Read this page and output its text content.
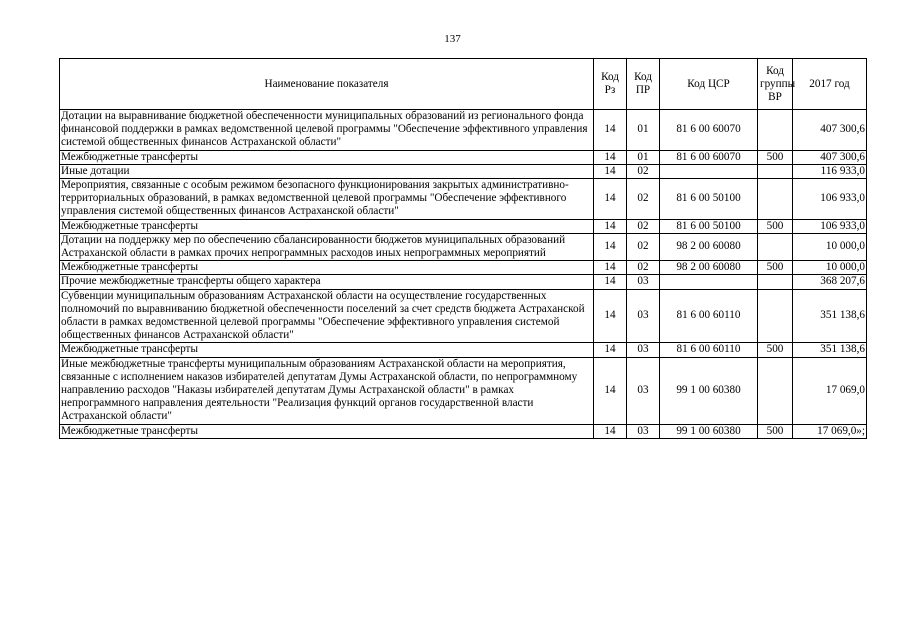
137
Наименование показателя	Код Рз	Код ПР	Код ЦСР	Код группы ВР	2017 год
Дотации на выравнивание бюджетной обеспеченности муниципальных образований из регионального фонда финансовой поддержки в рамках ведомственной целевой программы "Обеспечение эффективного управления системой общественных финансов Астраханской области"	14	01	81 6 00 60070		407 300,6
Межбюджетные трансферты	14	01	81 6 00 60070	500	407 300,6
Иные дотации	14	02			116 933,0
Мероприятия, связанные с особым режимом безопасного функционирования закрытых административно-территориальных образований, в рамках ведомственной целевой программы "Обеспечение эффективного управления системой общественных финансов Астраханской области"	14	02	81 6 00 50100		106 933,0
Межбюджетные трансферты	14	02	81 6 00 50100	500	106 933,0
Дотации на поддержку мер по обеспечению сбалансированности бюджетов муниципальных образований Астраханской области в рамках прочих непрограммных расходов иных непрограммных мероприятий	14	02	98 2 00 60080		10 000,0
Межбюджетные трансферты	14	02	98 2 00 60080	500	10 000,0
Прочие межбюджетные трансферты общего характера	14	03			368 207,6
Субвенции муниципальным образованиям Астраханской области на осуществление государственных полномочий по выравниванию бюджетной обеспеченности поселений за счет средств бюджета Астраханской области в рамках ведомственной целевой программы "Обеспечение эффективного управления системой общественных финансов Астраханской области"	14	03	81 6 00 60110		351 138,6
Межбюджетные трансферты	14	03	81 6 00 60110	500	351 138,6
Иные межбюджетные трансферты муниципальным образованиям Астраханской области на мероприятия, связанные с исполнением наказов избирателей депутатам Думы Астраханской области, по непрограммному направлению расходов "Наказы избирателей депутатам Думы Астраханской области" в рамках непрограммного направления деятельности "Реализация функций органов государственной власти Астраханской области"	14	03	99 1 00 60380		17 069,0
Межбюджетные трансферты	14	03	99 1 00 60380	500	17 069,0»;
